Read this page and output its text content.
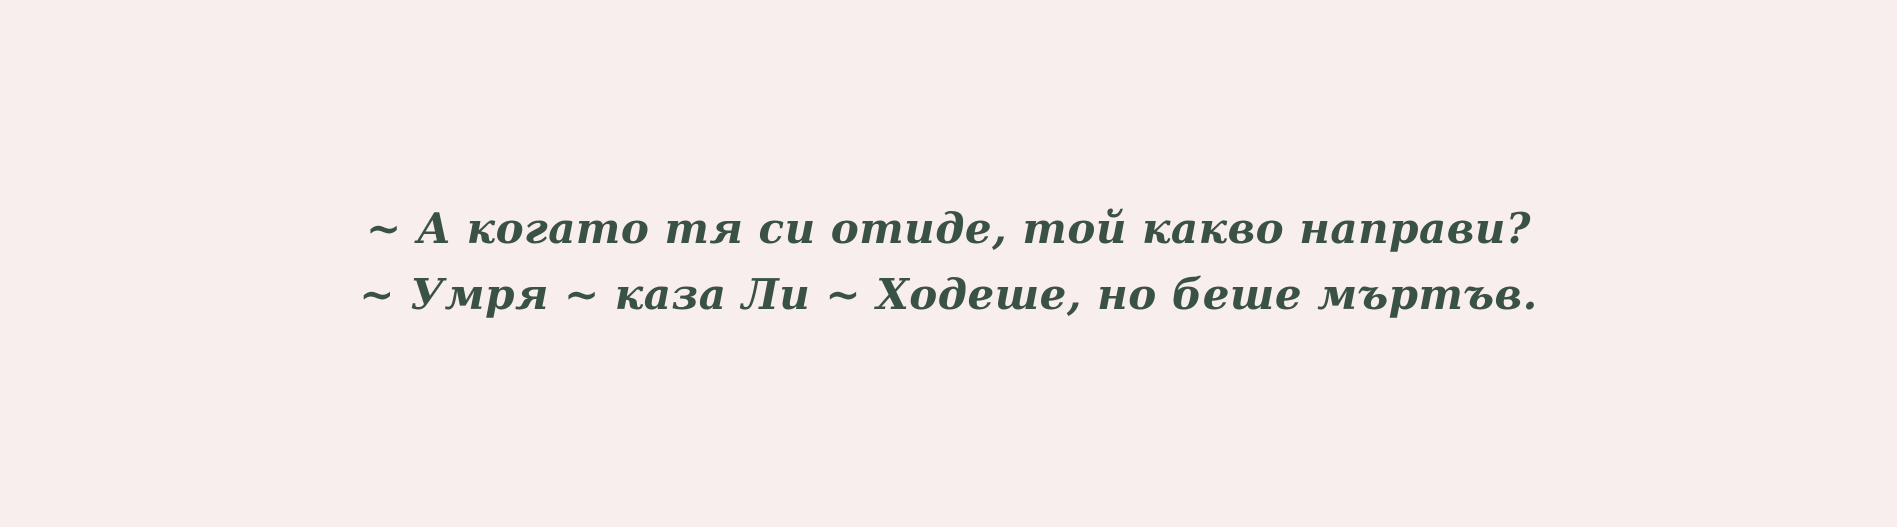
~ А когато тя си отиде, той какво направи?
~ Умря ~ каза Ли ~ Ходеше, но беше мъртъв.
